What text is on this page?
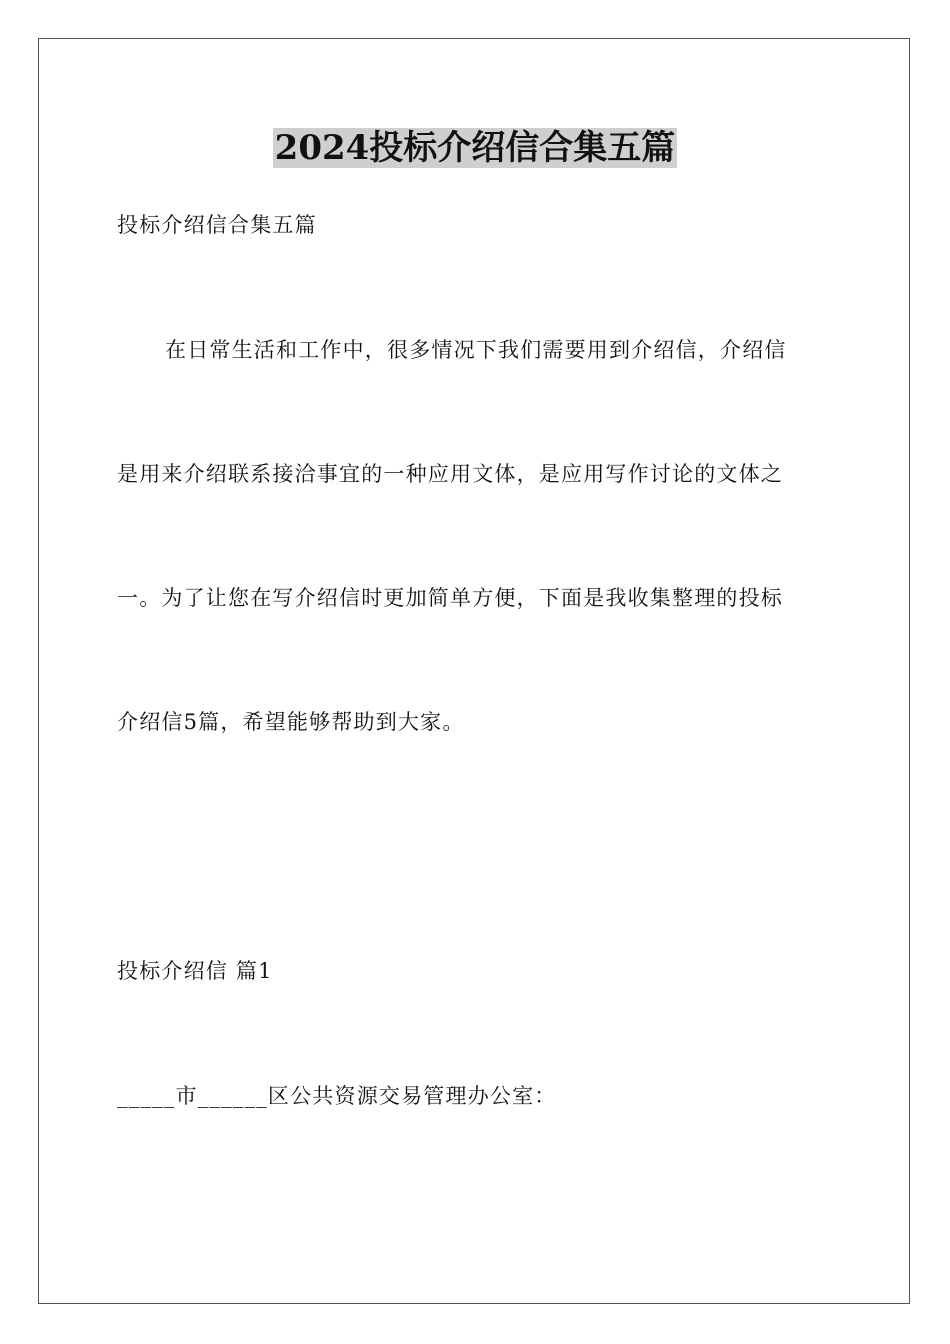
2024投标介绍信合集五篇
投标介绍信合集五篇
在日常生活和工作中，很多情况下我们需要用到介绍信，介绍信
是用来介绍联系接洽事宜的一种应用文体，是应用写作讨论的文体之
一。为了让您在写介绍信时更加简单方便，下面是我收集整理的投标
介绍信5篇，希望能够帮助到大家。
投标介绍信 篇1
_____市______区公共资源交易管理办公室：
